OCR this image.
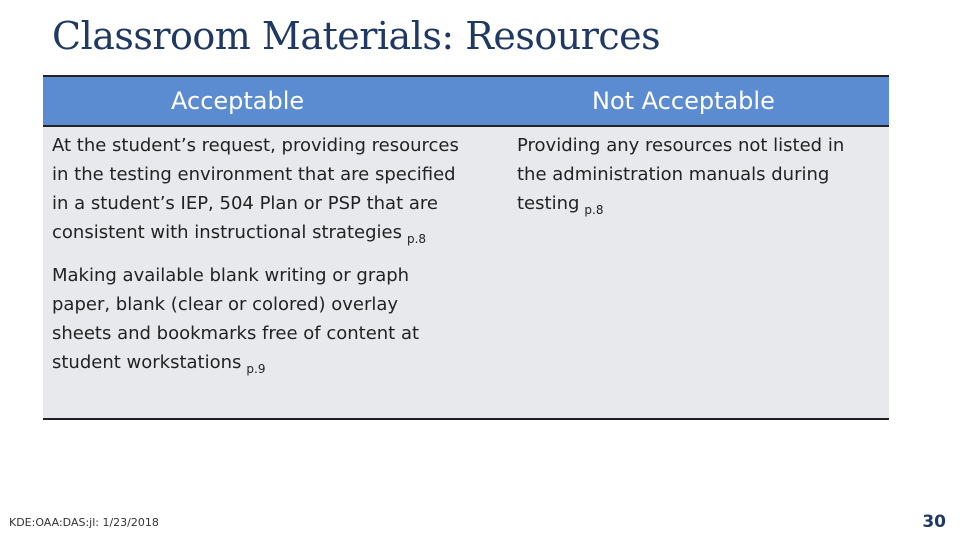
Classroom Materials: Resources
Acceptable	Not Acceptable

At the student’s request, providing resources in the testing environment that are specified in a student’s IEP, 504 Plan or PSP that are consistent with instructional strategies $_{p.8}$

Making available blank writing or graph paper, blank (clear or colored) overlay sheets and bookmarks free of content at student workstations $_{p.9}$

Providing any resources not listed in the administration manuals during testing $_{p.8}$

KDE:OAA:DAS:jl: 1/23/2018	30
